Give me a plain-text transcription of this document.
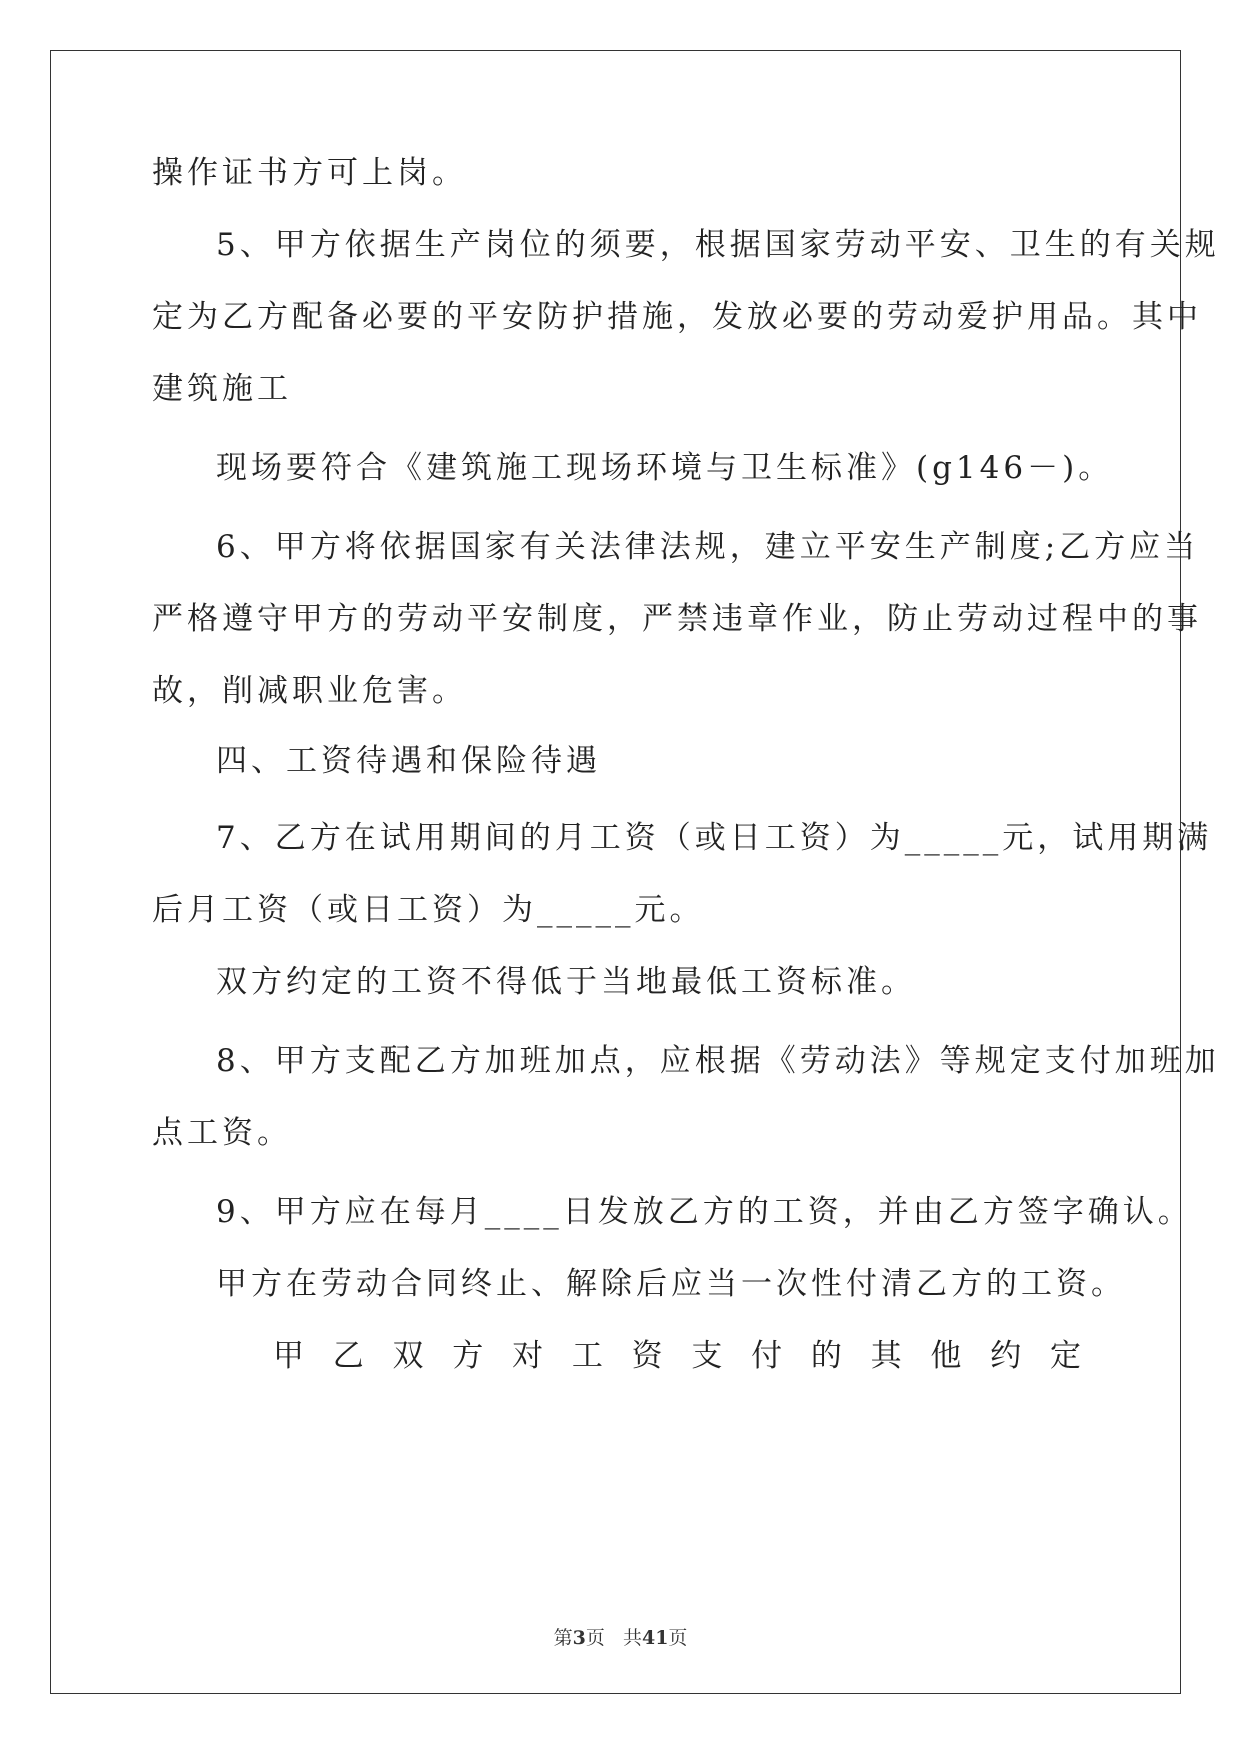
操作证书方可上岗。
5、甲方依据生产岗位的须要，根据国家劳动平安、卫生的有关规
定为乙方配备必要的平安防护措施，发放必要的劳动爱护用品。其中
建筑施工
现场要符合《建筑施工现场环境与卫生标准》(g146－)。
6、甲方将依据国家有关法律法规，建立平安生产制度;乙方应当
严格遵守甲方的劳动平安制度，严禁违章作业，防止劳动过程中的事
故，削减职业危害。
四、工资待遇和保险待遇
7、乙方在试用期间的月工资（或日工资）为_____元，试用期满
后月工资（或日工资）为_____元。
双方约定的工资不得低于当地最低工资标准。
8、甲方支配乙方加班加点，应根据《劳动法》等规定支付加班加
点工资。
9、甲方应在每月____日发放乙方的工资，并由乙方签字确认。
甲方在劳动合同终止、解除后应当一次性付清乙方的工资。
甲 乙 双 方 对 工 资 支 付 的 其 他 约 定
第3页 共41页
